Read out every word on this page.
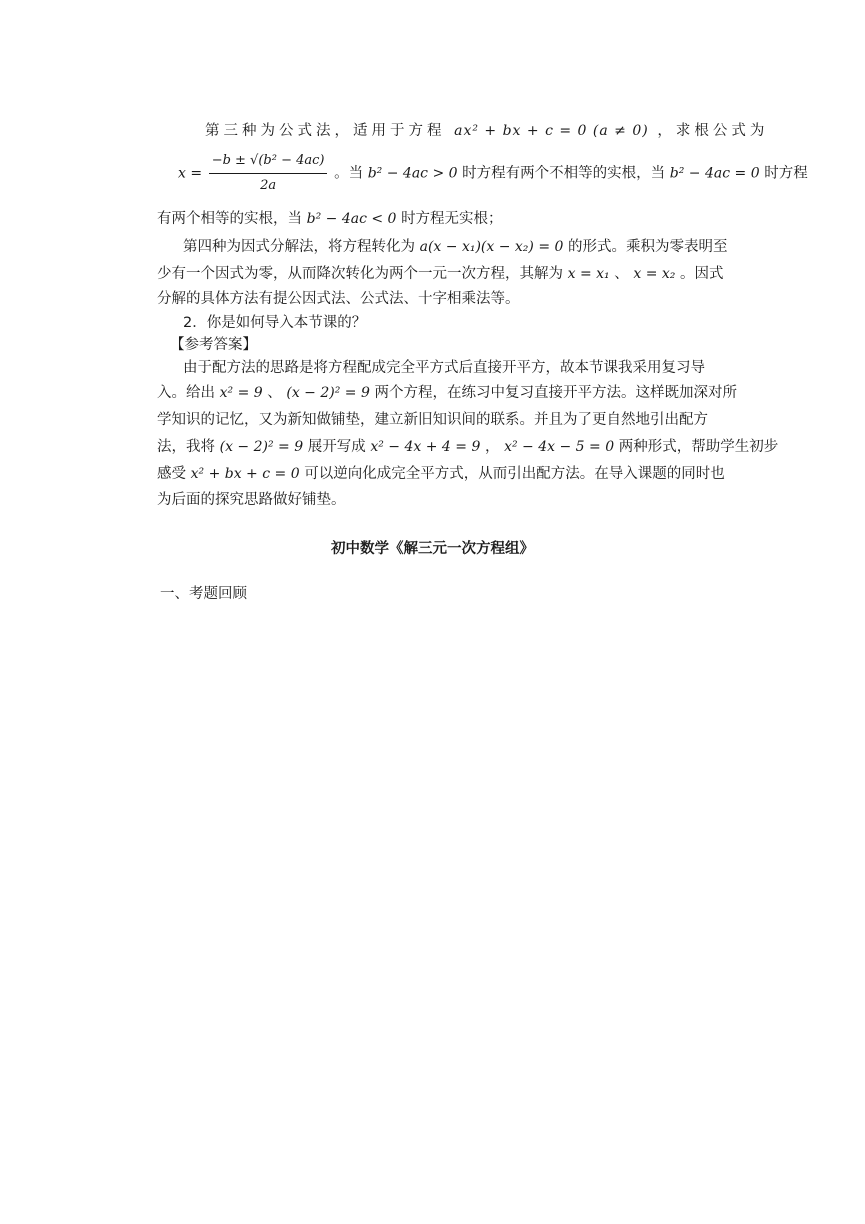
第三种为公式法，适用于方程 ax² + bx + c = 0 (a ≠ 0) ，求根公式为
$x = \frac{\text{−b ± √(b² − 4ac)}}{2a}$ 。当 b² − 4ac > 0 时方程有两个不相等的实根，当 b² − 4ac = 0 时方程
有两个相等的实根，当 b² − 4ac < 0 时方程无实根；
第四种为因式分解法，将方程转化为 a(x − x₁)(x − x₂) = 0 的形式。乘积为零表明至
少有一个因式为零，从而降次转化为两个一元一次方程，其解为 x = x₁ 、 x = x₂ 。因式
分解的具体方法有提公因式法、公式法、十字相乘法等。
2．你是如何导入本节课的？
【参考答案】
由于配方法的思路是将方程配成完全平方式后直接开平方，故本节课我采用复习导
入。给出 x² = 9 、 (x − 2)² = 9 两个方程，在练习中复习直接开平方法。这样既加深对所
学知识的记忆，又为新知做铺垫，建立新旧知识间的联系。并且为了更自然地引出配方
法，我将 (x − 2)² = 9 展开写成 x² − 4x + 4 = 9 ， x² − 4x − 5 = 0 两种形式，帮助学生初步
感受 x² + bx + c = 0 可以逆向化成完全平方式，从而引出配方法。在导入课题的同时也
为后面的探究思路做好铺垫。
初中数学《解三元一次方程组》
一、考题回顾
